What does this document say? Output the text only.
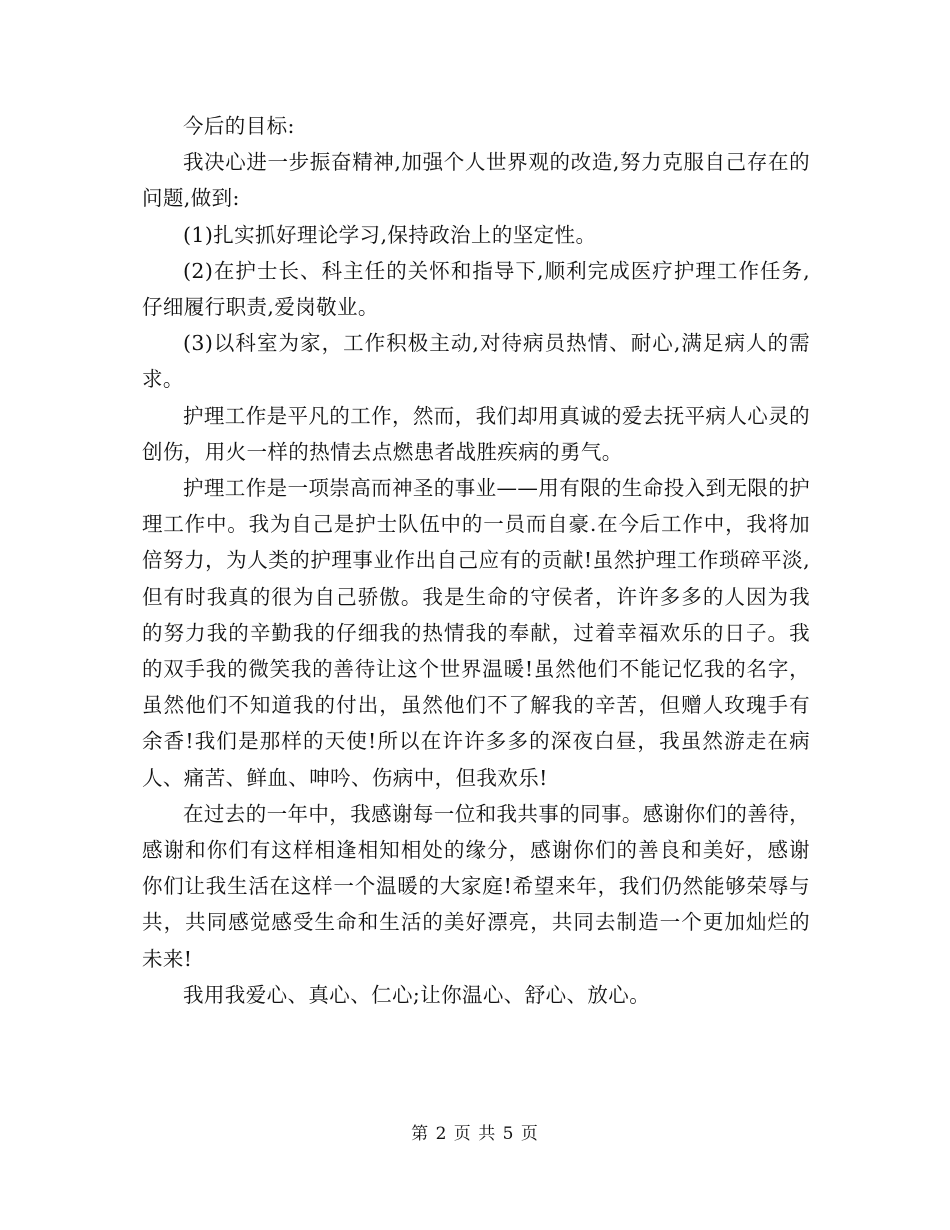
今后的目标:

我决心进一步振奋精神,加强个人世界观的改造,努力克服自己存在的问题,做到:

(1)扎实抓好理论学习,保持政治上的坚定性。

(2)在护士长、科主任的关怀和指导下,顺利完成医疗护理工作任务,仔细履行职责,爱岗敬业。

(3)以科室为家，工作积极主动,对待病员热情、耐心,满足病人的需求。

护理工作是平凡的工作，然而，我们却用真诚的爱去抚平病人心灵的创伤，用火一样的热情去点燃患者战胜疾病的勇气。

护理工作是一项崇高而神圣的事业——用有限的生命投入到无限的护理工作中。我为自己是护士队伍中的一员而自豪.在今后工作中，我将加倍努力，为人类的护理事业作出自己应有的贡献!虽然护理工作琐碎平淡,但有时我真的很为自己骄傲。我是生命的守侯者，许许多多的人因为我的努力我的辛勤我的仔细我的热情我的奉献，过着幸福欢乐的日子。我的双手我的微笑我的善待让这个世界温暖!虽然他们不能记忆我的名字，虽然他们不知道我的付出，虽然他们不了解我的辛苦，但赠人玫瑰手有余香!我们是那样的天使!所以在许许多多的深夜白昼，我虽然游走在病人、痛苦、鲜血、呻吟、伤病中，但我欢乐!

在过去的一年中，我感谢每一位和我共事的同事。感谢你们的善待，感谢和你们有这样相逢相知相处的缘分，感谢你们的善良和美好，感谢你们让我生活在这样一个温暖的大家庭!希望来年，我们仍然能够荣辱与共，共同感觉感受生命和生活的美好漂亮，共同去制造一个更加灿烂的未来!

我用我爱心、真心、仁心;让你温心、舒心、放心。

第 2 页 共 5 页
